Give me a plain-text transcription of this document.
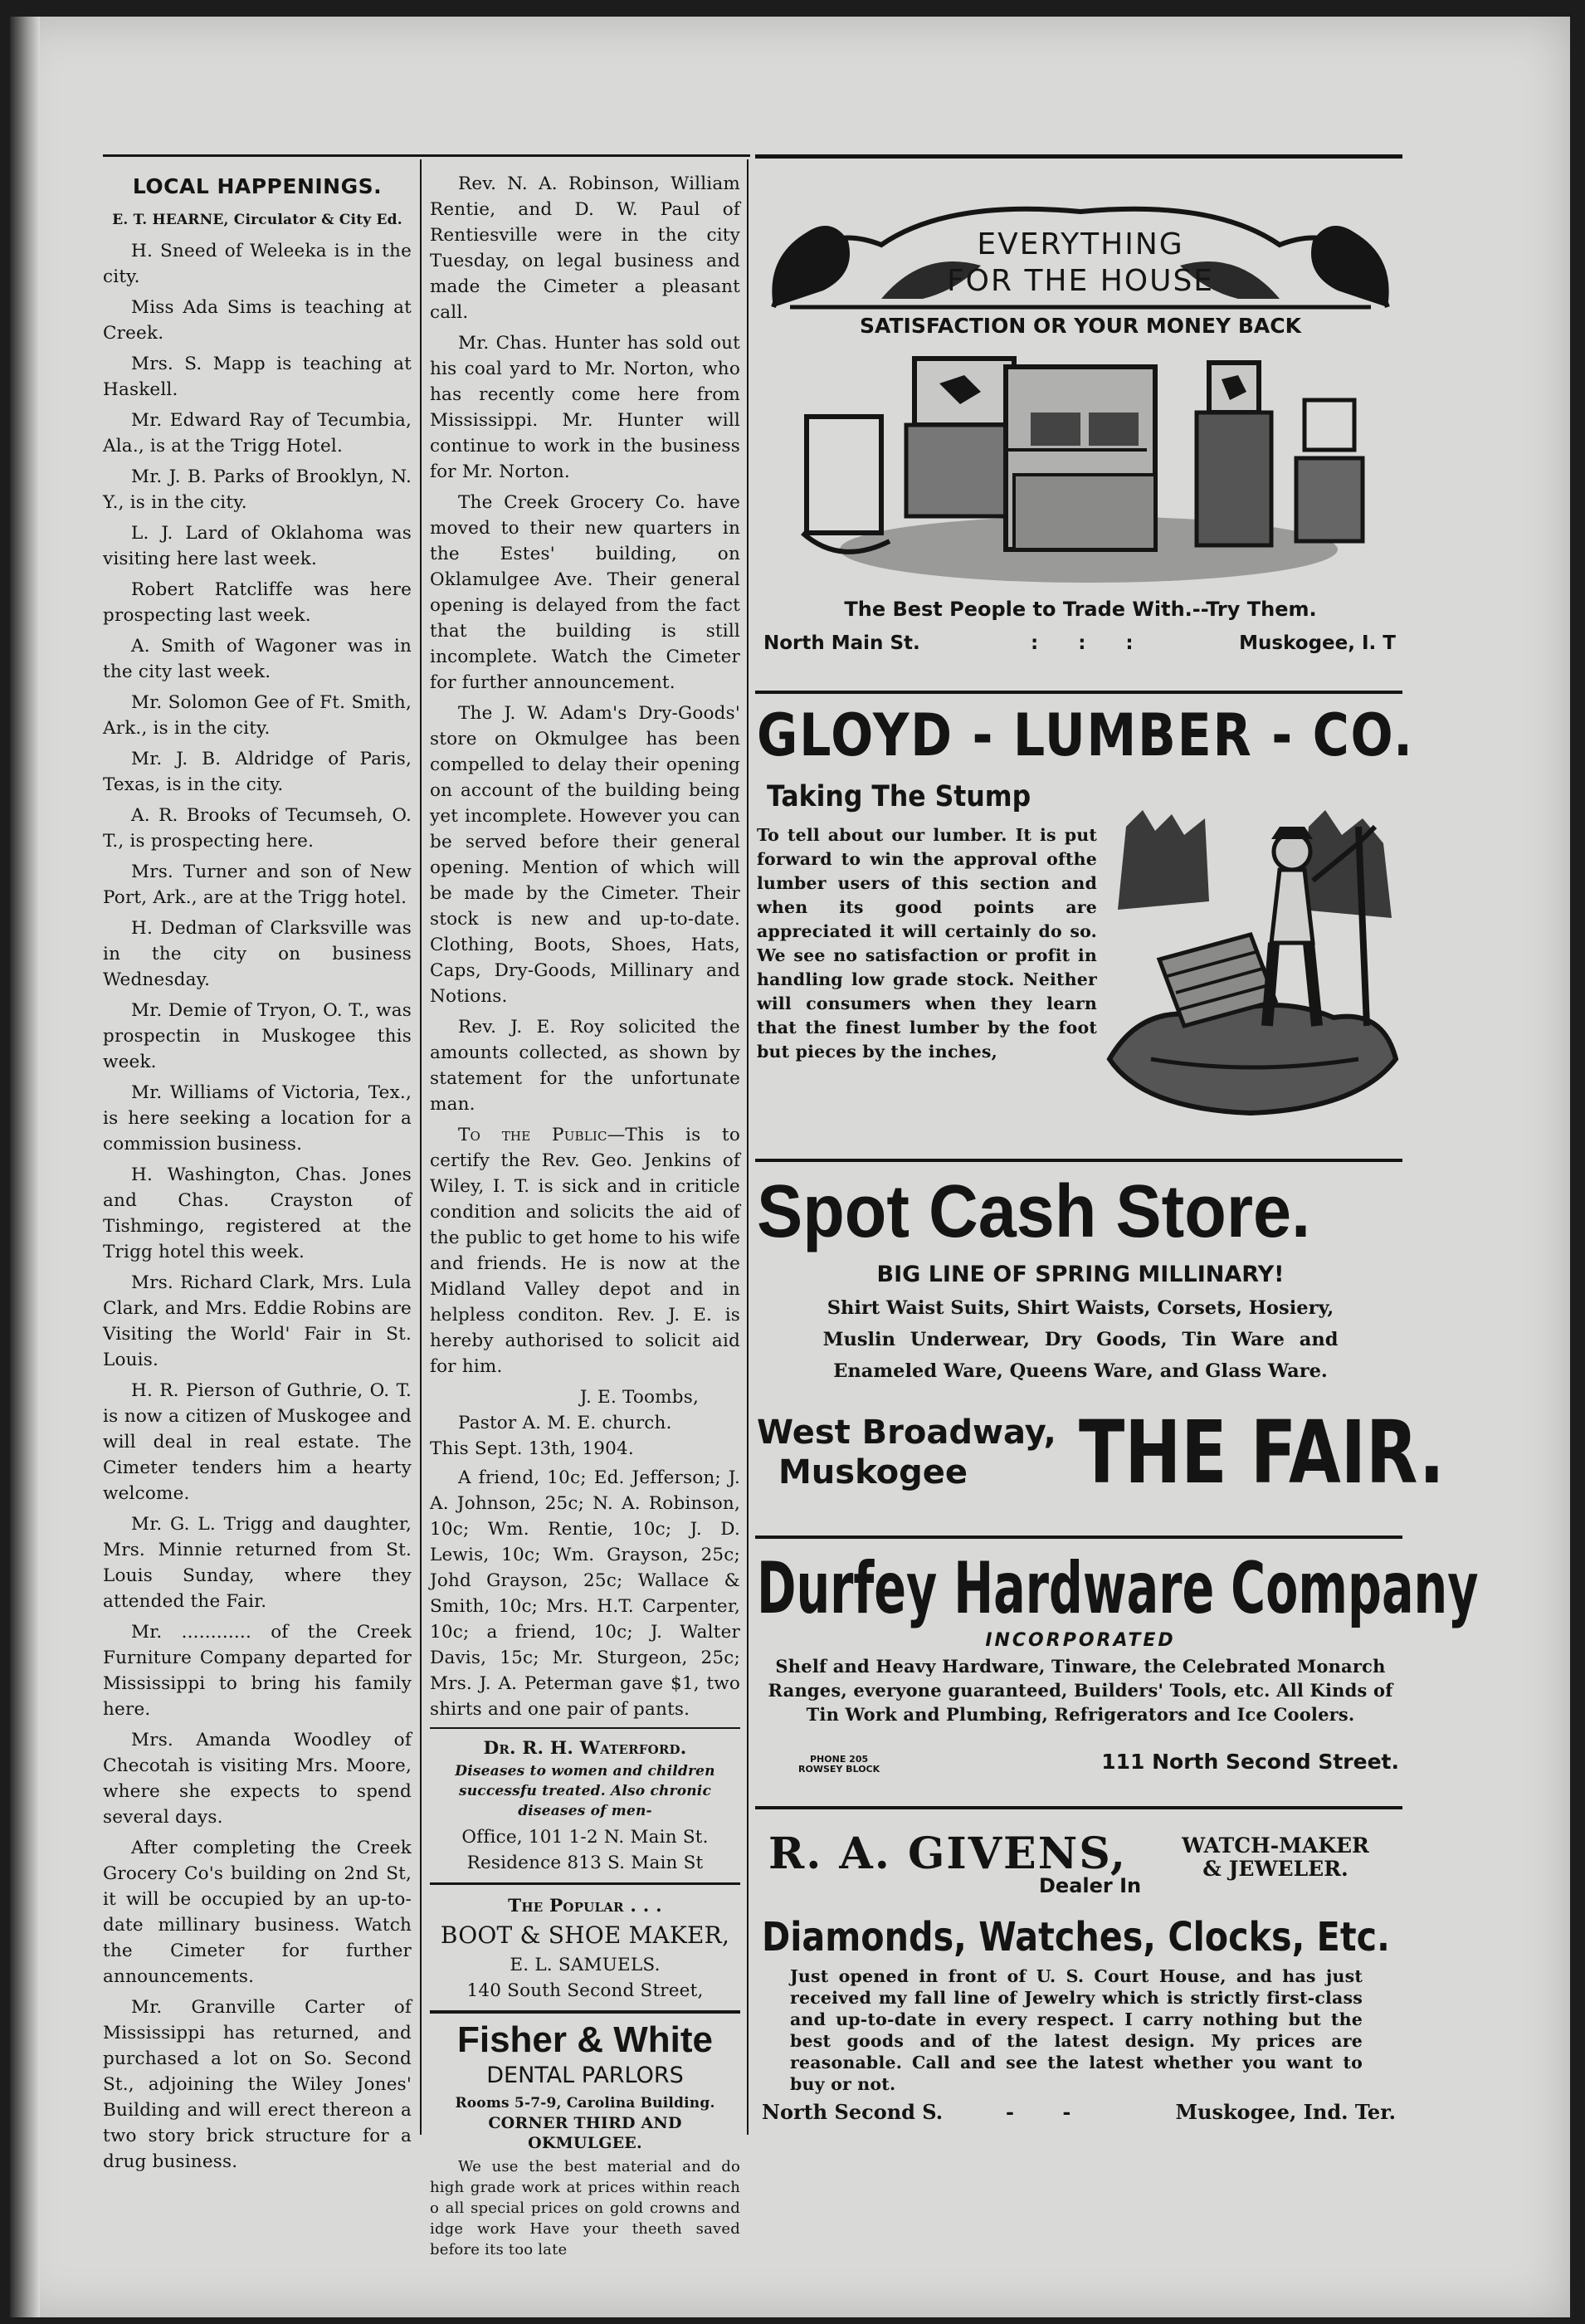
LOCAL HAPPENINGS.

E. T. HEARNE, Circulator & City Ed.

H. Sneed of Weleeka is in the city.

Miss Ada Sims is teaching at Creek.

Mrs. S. Mapp is teaching at Haskell.

Mr. Edward Ray of Tecumbia, Ala., is at the Trigg Hotel.

Mr. J. B. Parks of Brooklyn, N. Y., is in the city.

L. J. Lard of Oklahoma was visiting here last week.

Robert Ratcliffe was here prospecting last week.

A. Smith of Wagoner was in the city last week.

Mr. Solomon Gee of Ft. Smith, Ark., is in the city.

Mr. J. B. Aldridge of Paris, Texas, is in the city.

A. R. Brooks of Tecumseh, O. T., is prospecting here.

Mrs. Turner and son of New Port, Ark., are at the Trigg hotel.

H. Dedman of Clarksville was in the city on business Wednesday.

Mr. Demie of Tryon, O. T., was prospectin in Muskogee this week.

Mr. Williams of Victoria, Tex., is here seeking a location for a commission business.

H. Washington, Chas. Jones and Chas. Crayston of Tishmingo, registered at the Trigg hotel this week.

Mrs. Richard Clark, Mrs. Lula Clark, and Mrs. Eddie Robins are Visiting the World' Fair in St. Louis.

H. R. Pierson of Guthrie, O. T. is now a citizen of Muskogee and will deal in real estate. The Cimeter tenders him a hearty welcome.

Mr. G. L. Trigg and daughter, Mrs. Minnie returned from St. Louis Sunday, where they attended the Fair.

Mr. ............ of the Creek Furniture Company departed for Mississippi to bring his family here.

Mrs. Amanda Woodley of Checotah is visiting Mrs. Moore, where she expects to spend several days.

After completing the Creek Grocery Co's building on 2nd St, it will be occupied by an up-to-date millinary business. Watch the Cimeter for further announcements.

Mr. Granville Carter of Mississippi has returned, and purchased a lot on So. Second St., adjoining the Wiley Jones' Building and will erect thereon a two story brick structure for a drug business.

Rev. N. A. Robinson, William Rentie, and D. W. Paul of Rentiesville were in the city Tuesday, on legal business and made the Cimeter a pleasant call.

Mr. Chas. Hunter has sold out his coal yard to Mr. Norton, who has recently come here from Mississippi. Mr. Hunter will continue to work in the business for Mr. Norton.

The Creek Grocery Co. have moved to their new quarters in the Estes' building, on Oklamulgee Ave. Their general opening is delayed from the fact that the building is still incomplete. Watch the Cimeter for further announcement.

The J. W. Adam's Dry-Goods' store on Okmulgee has been compelled to delay their opening on account of the building being yet incomplete. However you can be served before their general opening. Mention of which will be made by the Cimeter. Their stock is new and up-to-date. Clothing, Boots, Shoes, Hats, Caps, Dry-Goods, Millinary and Notions.

Rev. J. E. Roy solicited the amounts collected, as shown by statement for the unfortunate man.

To the Public—This is to certify the Rev. Geo. Jenkins of Wiley, I. T. is sick and in criticle condition and solicits the aid of the public to get home to his wife and friends. He is now at the Midland Valley depot and in helpless conditon. Rev. J. E. is hereby authorised to solicit aid for him.

J. E. Toombs,

Pastor A. M. E. church.

This Sept. 13th, 1904.

A friend, 10c; Ed. Jefferson; J. A. Johnson, 25c; N. A. Robinson, 10c; Wm. Rentie, 10c; J. D. Lewis, 10c; Wm. Grayson, 25c; Johd Grayson, 25c; Wallace & Smith, 10c; Mrs. H.T. Carpenter, 10c; a friend, 10c; J. Walter Davis, 15c; Mr. Sturgeon, 25c; Mrs. J. A. Peterman gave $1, two shirts and one pair of pants.

Dr. R. H. Waterford.

Diseases to women and children successfu treated. Also chronic diseases of men-

Office, 101 1-2 N. Main St.

Residence 813 S. Main St

The Popular . . .

BOOT & SHOE MAKER,

E. L. SAMUELS.

140 South Second Street,

Fisher & White
DENTAL PARLORS

Rooms 5-7-9, Carolina Building.

CORNER THIRD AND OKMULGEE.

We use the best material and do high grade work at prices within reach o all special prices on gold crowns and idge work Have your theeth saved before its too late

EVERYTHING
FOR THE HOUSE
SATISFACTION OR YOUR MONEY BACK
The Best People to Trade With.--Try Them.
North Main St.	: : :	Muskogee, I. T
GLOYD - LUMBER - CO.
Taking The Stump

To tell about our lumber. It is put forward to win the approval ofthe lumber users of this section and when its good points are appreciated it will certainly do so. We see no satisfaction or profit in handling low grade stock. Neither will consumers when they learn that the finest lumber by the foot but pieces by the inches,

Spot Cash Store.
BIG LINE OF SPRING MILLINARY!
Shirt Waist Suits, Shirt Waists, Corsets, Hosiery,
Muslin Underwear, Dry Goods, Tin Ware and
Enameled Ware, Queens Ware, and Glass Ware.
West Broadway,
Muskogee THE FAIR.
Durfey Hardware Company
INCORPORATED

Shelf and Heavy Hardware, Tinware, the Celebrated Monarch Ranges, everyone guaranteed, Builders' Tools, etc. All Kinds of Tin Work and Plumbing, Refrigerators and Ice Coolers.

PHONE 205
ROWSEY BLOCK	111 North Second Street.
R. A. GIVENS,
Dealer In
WATCH-MAKER
& JEWELER.
Diamonds, Watches, Clocks, Etc.

Just opened in front of U. S. Court House, and has just received my fall line of Jewelry which is strictly first-class and up-to-date in every respect. I carry nothing but the best goods and of the latest design. My prices are reasonable. Call and see the latest whether you want to buy or not.

North Second S.	- -	Muskogee, Ind. Ter.
